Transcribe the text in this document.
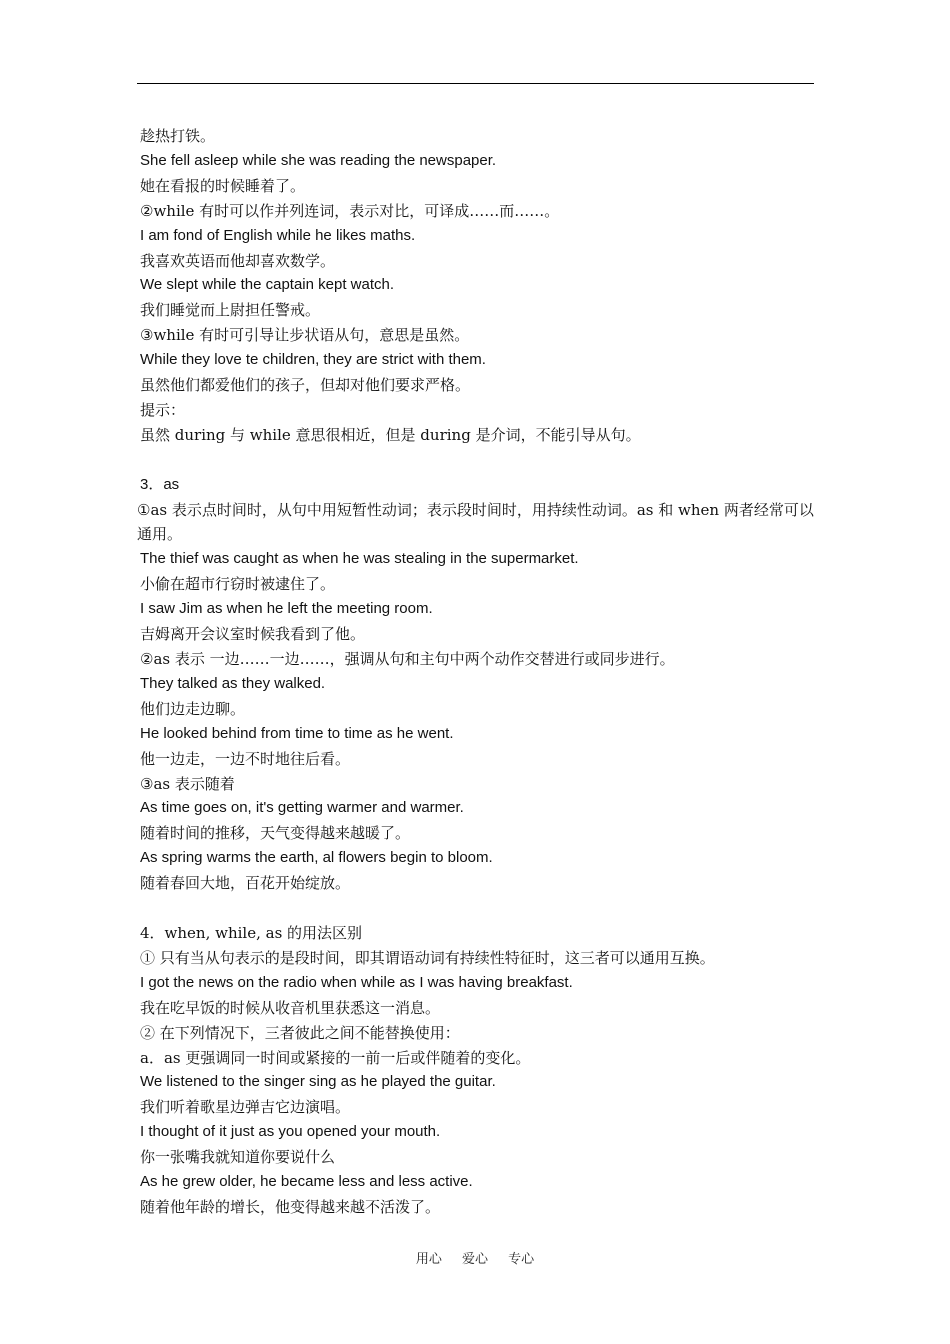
趁热打铁。
She fell asleep while she was reading the newspaper.
她在看报的时候睡着了。
②while 有时可以作并列连词，表示对比，可译成……而……。
I am fond of English while he likes maths.
我喜欢英语而他却喜欢数学。
We slept while the captain kept watch.
我们睡觉而上尉担任警戒。
③while 有时可引导让步状语从句，意思是虽然。
While they love te children, they are strict with them.
虽然他们都爱他们的孩子，但却对他们要求严格。
提示：
虽然 during 与 while 意思很相近，但是 during 是介词，不能引导从句。
3．as
①as 表示点时间时，从句中用短暂性动词；表示段时间时，用持续性动词。as 和 when 两者经常可以通用。
The thief was caught as when he was stealing in the supermarket.
小偷在超市行窃时被逮住了。
I saw Jim as when he left the meeting room.
吉姆离开会议室时候我看到了他。
②as 表示 一边……一边……，强调从句和主句中两个动作交替进行或同步进行。
They talked as they walked.
他们边走边聊。
He looked behind from time to time as he went.
他一边走，一边不时地往后看。
③as 表示随着
As time goes on, it's getting warmer and warmer.
随着时间的推移，天气变得越来越暖了。
As spring warms the earth, al flowers begin to bloom.
随着春回大地，百花开始绽放。
4．when, while, as 的用法区别
① 只有当从句表示的是段时间，即其谓语动词有持续性特征时，这三者可以通用互换。
I got the news on the radio when while as I was having breakfast.
我在吃早饭的时候从收音机里获悉这一消息。
② 在下列情况下，三者彼此之间不能替换使用：
a．as 更强调同一时间或紧接的一前一后或伴随着的变化。
We listened to the singer sing as he played the guitar.
我们听着歌星边弹吉它边演唱。
I thought of it just as you opened your mouth.
你一张嘴我就知道你要说什么
As he grew older, he became less and less active.
随着他年龄的增长，他变得越来越不活泼了。
用心 爱心 专心
